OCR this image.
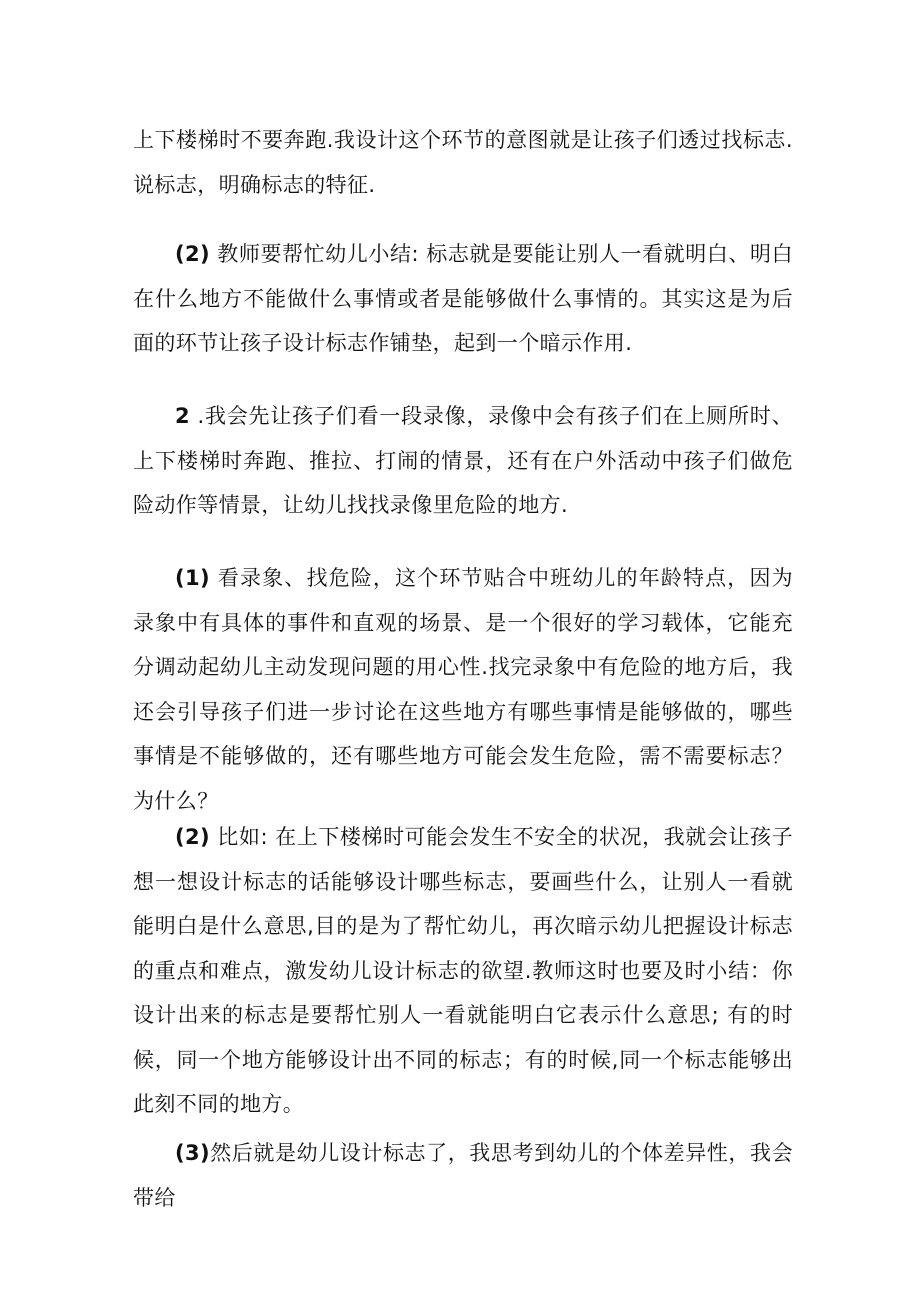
上下楼梯时不要奔跑.我设计这个环节的意图就是让孩子们透过找标志.说标志，明确标志的特征.

(2) 教师要帮忙幼儿小结: 标志就是要能让别人一看就明白、明白在什么地方不能做什么事情或者是能够做什么事情的。其实这是为后面的环节让孩子设计标志作铺垫，起到一个暗示作用.

2 .我会先让孩子们看一段录像，录像中会有孩子们在上厕所时、上下楼梯时奔跑、推拉、打闹的情景，还有在户外活动中孩子们做危险动作等情景，让幼儿找找录像里危险的地方.

(1) 看录象、找危险，这个环节贴合中班幼儿的年龄特点，因为录象中有具体的事件和直观的场景、是一个很好的学习载体，它能充分调动起幼儿主动发现问题的用心性.找完录象中有危险的地方后，我还会引导孩子们进一步讨论在这些地方有哪些事情是能够做的，哪些事情是不能够做的，还有哪些地方可能会发生危险，需不需要标志？为什么？

(2) 比如: 在上下楼梯时可能会发生不安全的状况，我就会让孩子想一想设计标志的话能够设计哪些标志，要画些什么，让别人一看就能明白是什么意思,目的是为了帮忙幼儿，再次暗示幼儿把握设计标志的重点和难点，激发幼儿设计标志的欲望.教师这时也要及时小结：你设计出来的标志是要帮忙别人一看就能明白它表示什么意思; 有的时候，同一个地方能够设计出不同的标志；有的时候,同一个标志能够出此刻不同的地方。

(3)然后就是幼儿设计标志了，我思考到幼儿的个体差异性，我会带给
